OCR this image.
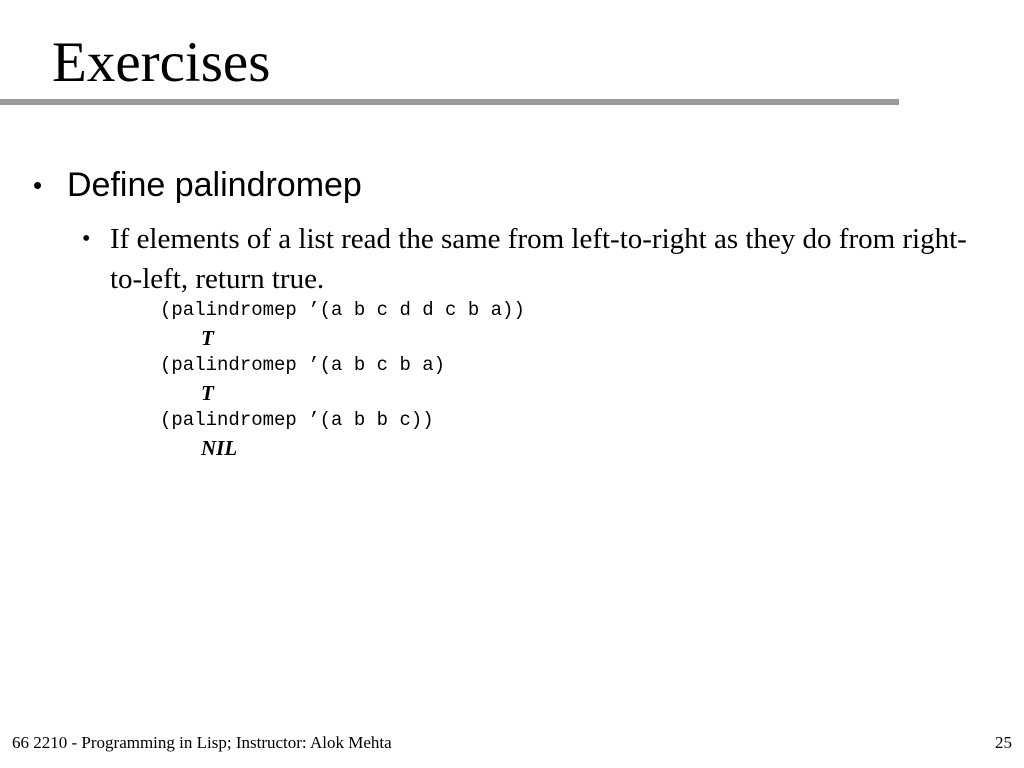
Exercises
• Define palindromep
• If elements of a list read the same from left-to-right as they do from right-to-left, return true.
(palindromep ’(a b c d d c b a))
T
(palindromep ’(a b c b a)
T
(palindromep ’(a b b c))
NIL
66 2210 - Programming in Lisp; Instructor: Alok Mehta	25
